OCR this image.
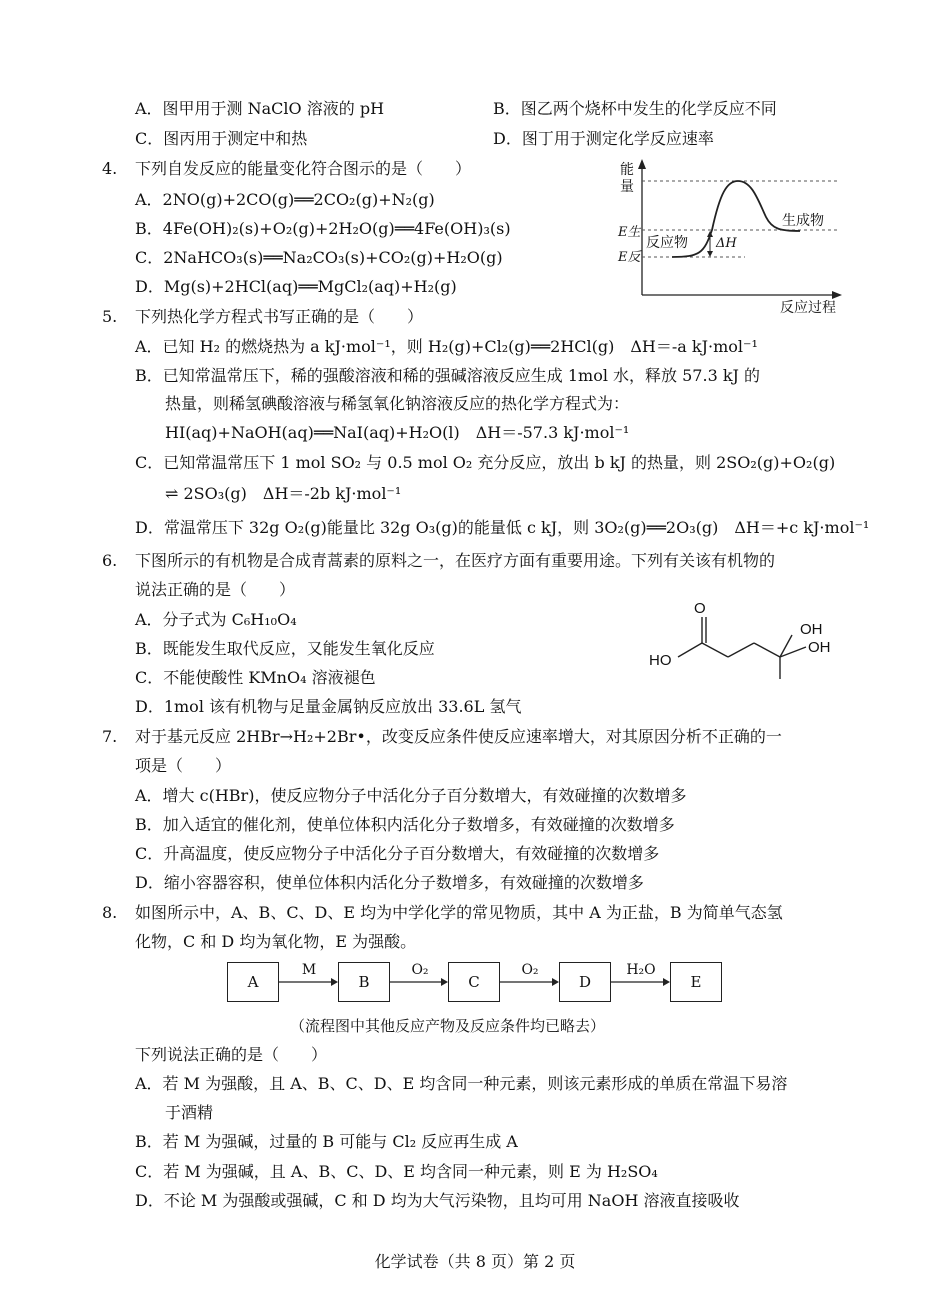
A．图甲用于测 NaClO 溶液的 pH	B．图乙两个烧杯中发生的化学反应不同
C．图丙用于测定中和热	D．图丁用于测定化学反应速率
4. 下列自发反应的能量变化符合图示的是（　　）
A．2NO(g)+2CO(g)══2CO₂(g)+N₂(g)
B．4Fe(OH)₂(s)+O₂(g)+2H₂O(g)══4Fe(OH)₃(s)
C．2NaHCO₃(s)══Na₂CO₃(s)+CO₂(g)+H₂O(g)
D．Mg(s)+2HCl(aq)══MgCl₂(aq)+H₂(g)
能
量
E生
E反
反应物 ΔH
生成物
反应过程
5. 下列热化学方程式书写正确的是（　　）
A．已知 H₂ 的燃烧热为 a kJ·mol⁻¹，则 H₂(g)+Cl₂(g)══2HCl(g)　ΔH＝-a kJ·mol⁻¹
B．已知常温常压下，稀的强酸溶液和稀的强碱溶液反应生成 1mol 水，释放 57.3 kJ 的
热量，则稀氢碘酸溶液与稀氢氧化钠溶液反应的热化学方程式为：
HI(aq)+NaOH(aq)══NaI(aq)+H₂O(l)　ΔH＝-57.3 kJ·mol⁻¹
C．已知常温常压下 1 mol SO₂ 与 0.5 mol O₂ 充分反应，放出 b kJ 的热量，则 2SO₂(g)+O₂(g)
⇌ 2SO₃(g)　ΔH＝-2b kJ·mol⁻¹
D．常温常压下 32g O₂(g)能量比 32g O₃(g)的能量低 c kJ，则 3O₂(g)══2O₃(g)　ΔH＝+c kJ·mol⁻¹
6. 下图所示的有机物是合成青蒿素的原料之一，在医疗方面有重要用途。下列有关该有机物的
说法正确的是（　　）
A．分子式为 C₆H₁₀O₄
B．既能发生取代反应，又能发生氧化反应
C．不能使酸性 KMnO₄ 溶液褪色
D．1mol 该有机物与足量金属钠反应放出 33.6L 氢气
O
HO
OH
OH
7. 对于基元反应 2HBr→H₂+2Br•，改变反应条件使反应速率增大，对其原因分析不正确的一
项是（　　）
A．增大 c(HBr)，使反应物分子中活化分子百分数增大，有效碰撞的次数增多
B．加入适宜的催化剂，使单位体积内活化分子数增多，有效碰撞的次数增多
C．升高温度，使反应物分子中活化分子百分数增大，有效碰撞的次数增多
D．缩小容器容积，使单位体积内活化分子数增多，有效碰撞的次数增多
8. 如图所示中，A、B、C、D、E 均为中学化学的常见物质，其中 A 为正盐，B 为简单气态氢
化物，C 和 D 均为氧化物，E 为强酸。
A	B	C	D	E
M	O₂	O₂	H₂O
（流程图中其他反应产物及反应条件均已略去）
下列说法正确的是（　　）
A．若 M 为强酸，且 A、B、C、D、E 均含同一种元素，则该元素形成的单质在常温下易溶
于酒精
B．若 M 为强碱，过量的 B 可能与 Cl₂ 反应再生成 A
C．若 M 为强碱，且 A、B、C、D、E 均含同一种元素，则 E 为 H₂SO₄
D．不论 M 为强酸或强碱，C 和 D 均为大气污染物，且均可用 NaOH 溶液直接吸收
化学试卷（共 8 页）第 2 页
